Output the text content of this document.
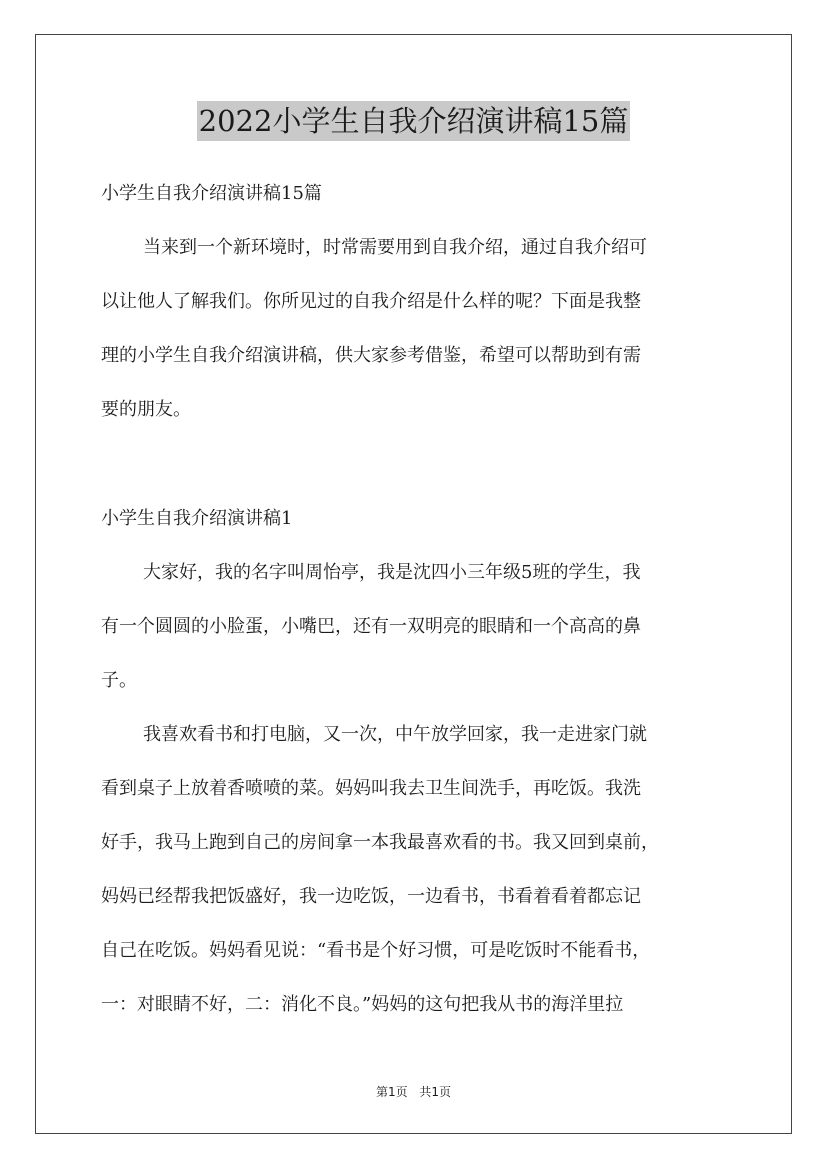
2022小学生自我介绍演讲稿15篇
小学生自我介绍演讲稿15篇
当来到一个新环境时，时常需要用到自我介绍，通过自我介绍可
以让他人了解我们。你所见过的自我介绍是什么样的呢？下面是我整
理的小学生自我介绍演讲稿，供大家参考借鉴，希望可以帮助到有需
要的朋友。
小学生自我介绍演讲稿1
大家好，我的名字叫周怡亭，我是沈四小三年级5班的学生，我
有一个圆圆的小脸蛋，小嘴巴，还有一双明亮的眼睛和一个高高的鼻
子。
我喜欢看书和打电脑，又一次，中午放学回家，我一走进家门就
看到桌子上放着香喷喷的菜。妈妈叫我去卫生间洗手，再吃饭。我洗
好手，我马上跑到自己的房间拿一本我最喜欢看的书。我又回到桌前，
妈妈已经帮我把饭盛好，我一边吃饭，一边看书，书看着看着都忘记
自己在吃饭。妈妈看见说：“看书是个好习惯，可是吃饭时不能看书，
一：对眼睛不好，二：消化不良。”妈妈的这句把我从书的海洋里拉
第1页 共1页
